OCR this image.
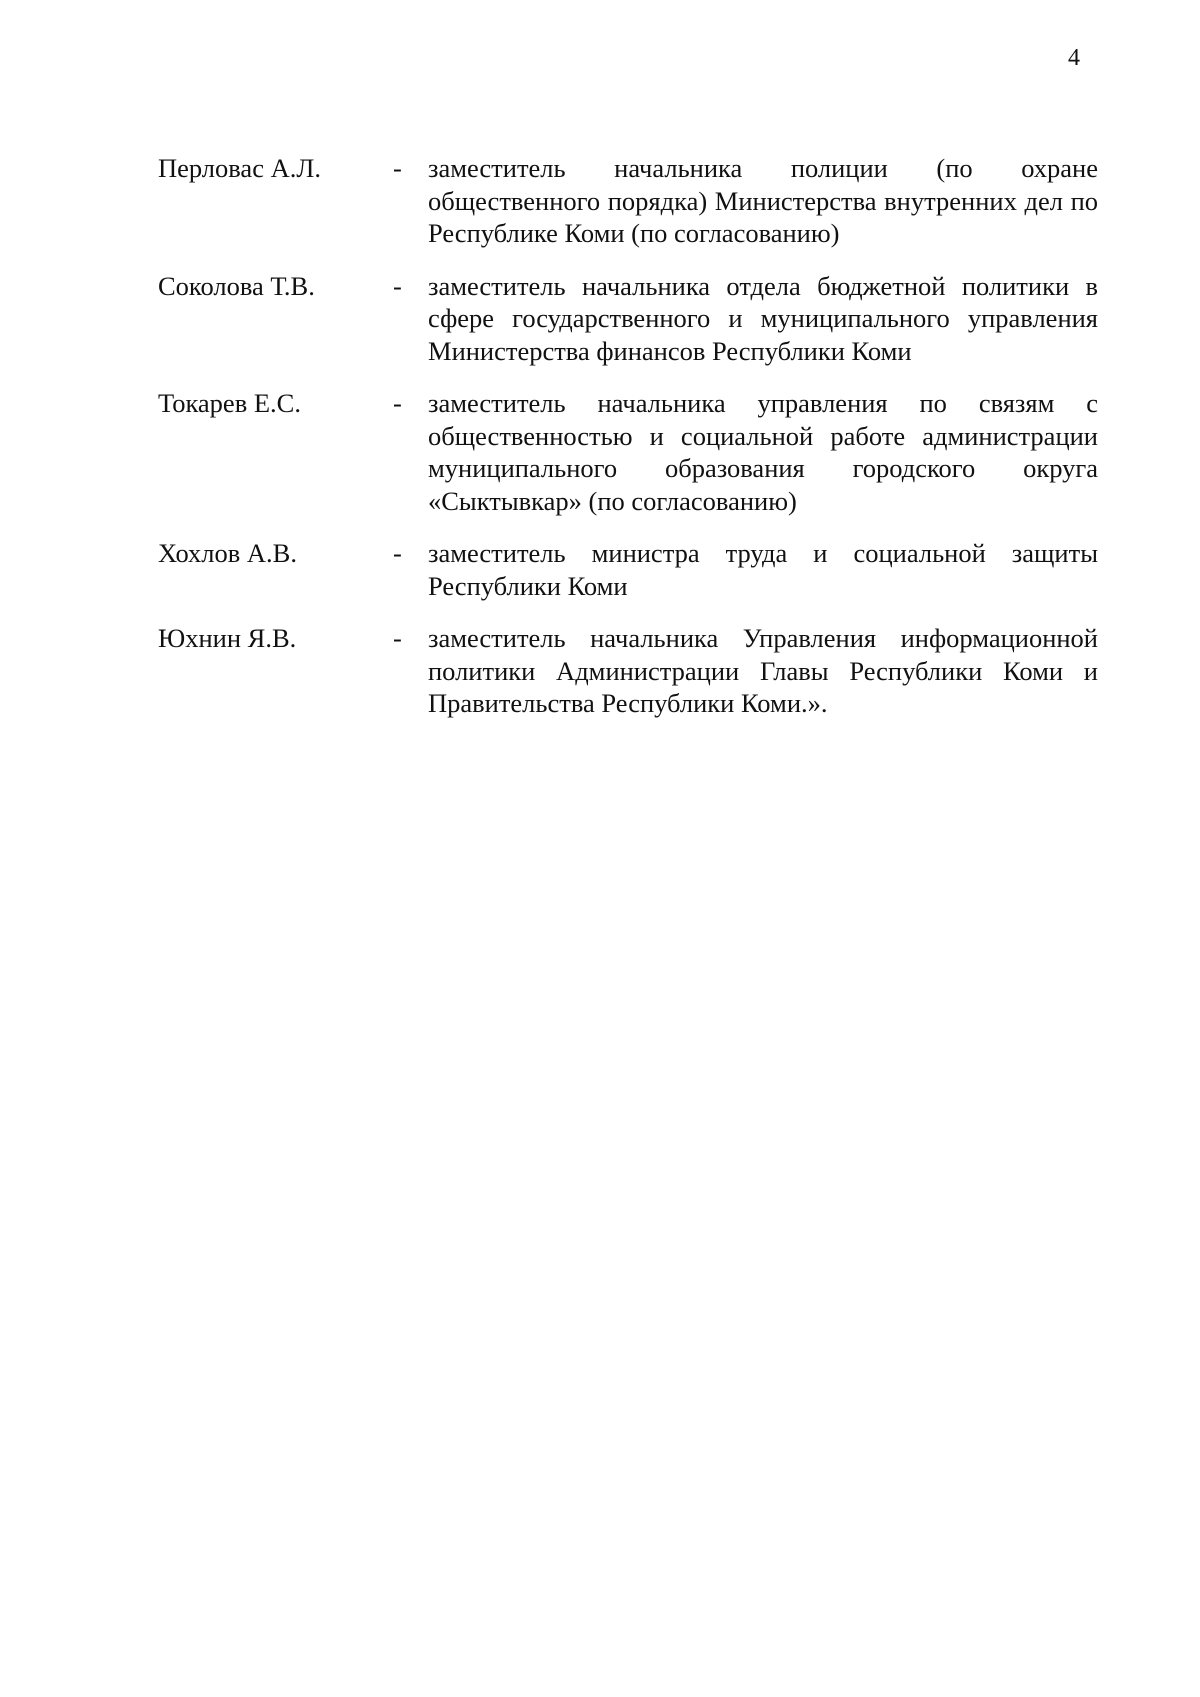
4
Перловас А.Л.	- заместитель начальника полиции (по охране общественного порядка) Министерства внутренних дел по Республике Коми (по согласованию)
Соколова Т.В.	- заместитель начальника отдела бюджетной политики в сфере государственного и муниципального управления Министерства финансов Республики Коми
Токарев Е.С.	- заместитель начальника управления по связям с общественностью и социальной работе администрации муниципального образования городского округа «Сыктывкар» (по согласованию)
Хохлов А.В.	- заместитель министра труда и социальной защиты Республики Коми
Юхнин Я.В.	- заместитель начальника Управления информационной политики Администрации Главы Республики Коми и Правительства Республики Коми.».
